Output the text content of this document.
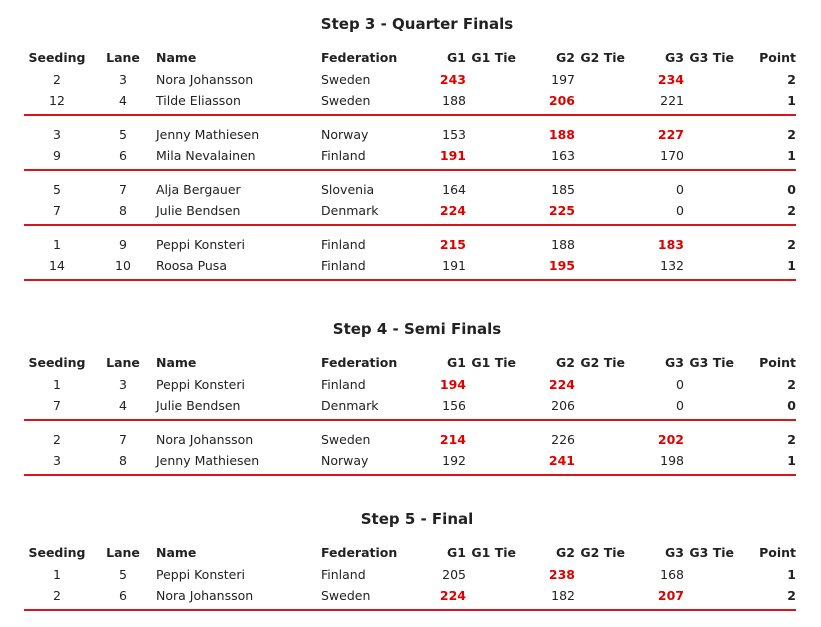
Step 3 - Quarter Finals
Seeding	Lane	Name	Federation	G1	G1 Tie	G2	G2 Tie	G3	G3 Tie	Point
2	3	Nora Johansson	Sweden	243		197		234		2
12	4	Tilde Eliasson	Sweden	188		206		221		1

3	5	Jenny Mathiesen	Norway	153		188		227		2
9	6	Mila Nevalainen	Finland	191		163		170		1

5	7	Alja Bergauer	Slovenia	164		185		0		0
7	8	Julie Bendsen	Denmark	224		225		0		2

1	9	Peppi Konsteri	Finland	215		188		183		2
14	10	Roosa Pusa	Finland	191		195		132		1

Step 4 - Semi Finals
Seeding	Lane	Name	Federation	G1	G1 Tie	G2	G2 Tie	G3	G3 Tie	Point
1	3	Peppi Konsteri	Finland	194		224		0		2
7	4	Julie Bendsen	Denmark	156		206		0		0

2	7	Nora Johansson	Sweden	214		226		202		2
3	8	Jenny Mathiesen	Norway	192		241		198		1

Step 5 - Final
Seeding	Lane	Name	Federation	G1	G1 Tie	G2	G2 Tie	G3	G3 Tie	Point
1	5	Peppi Konsteri	Finland	205		238		168		1
2	6	Nora Johansson	Sweden	224		182		207		2
